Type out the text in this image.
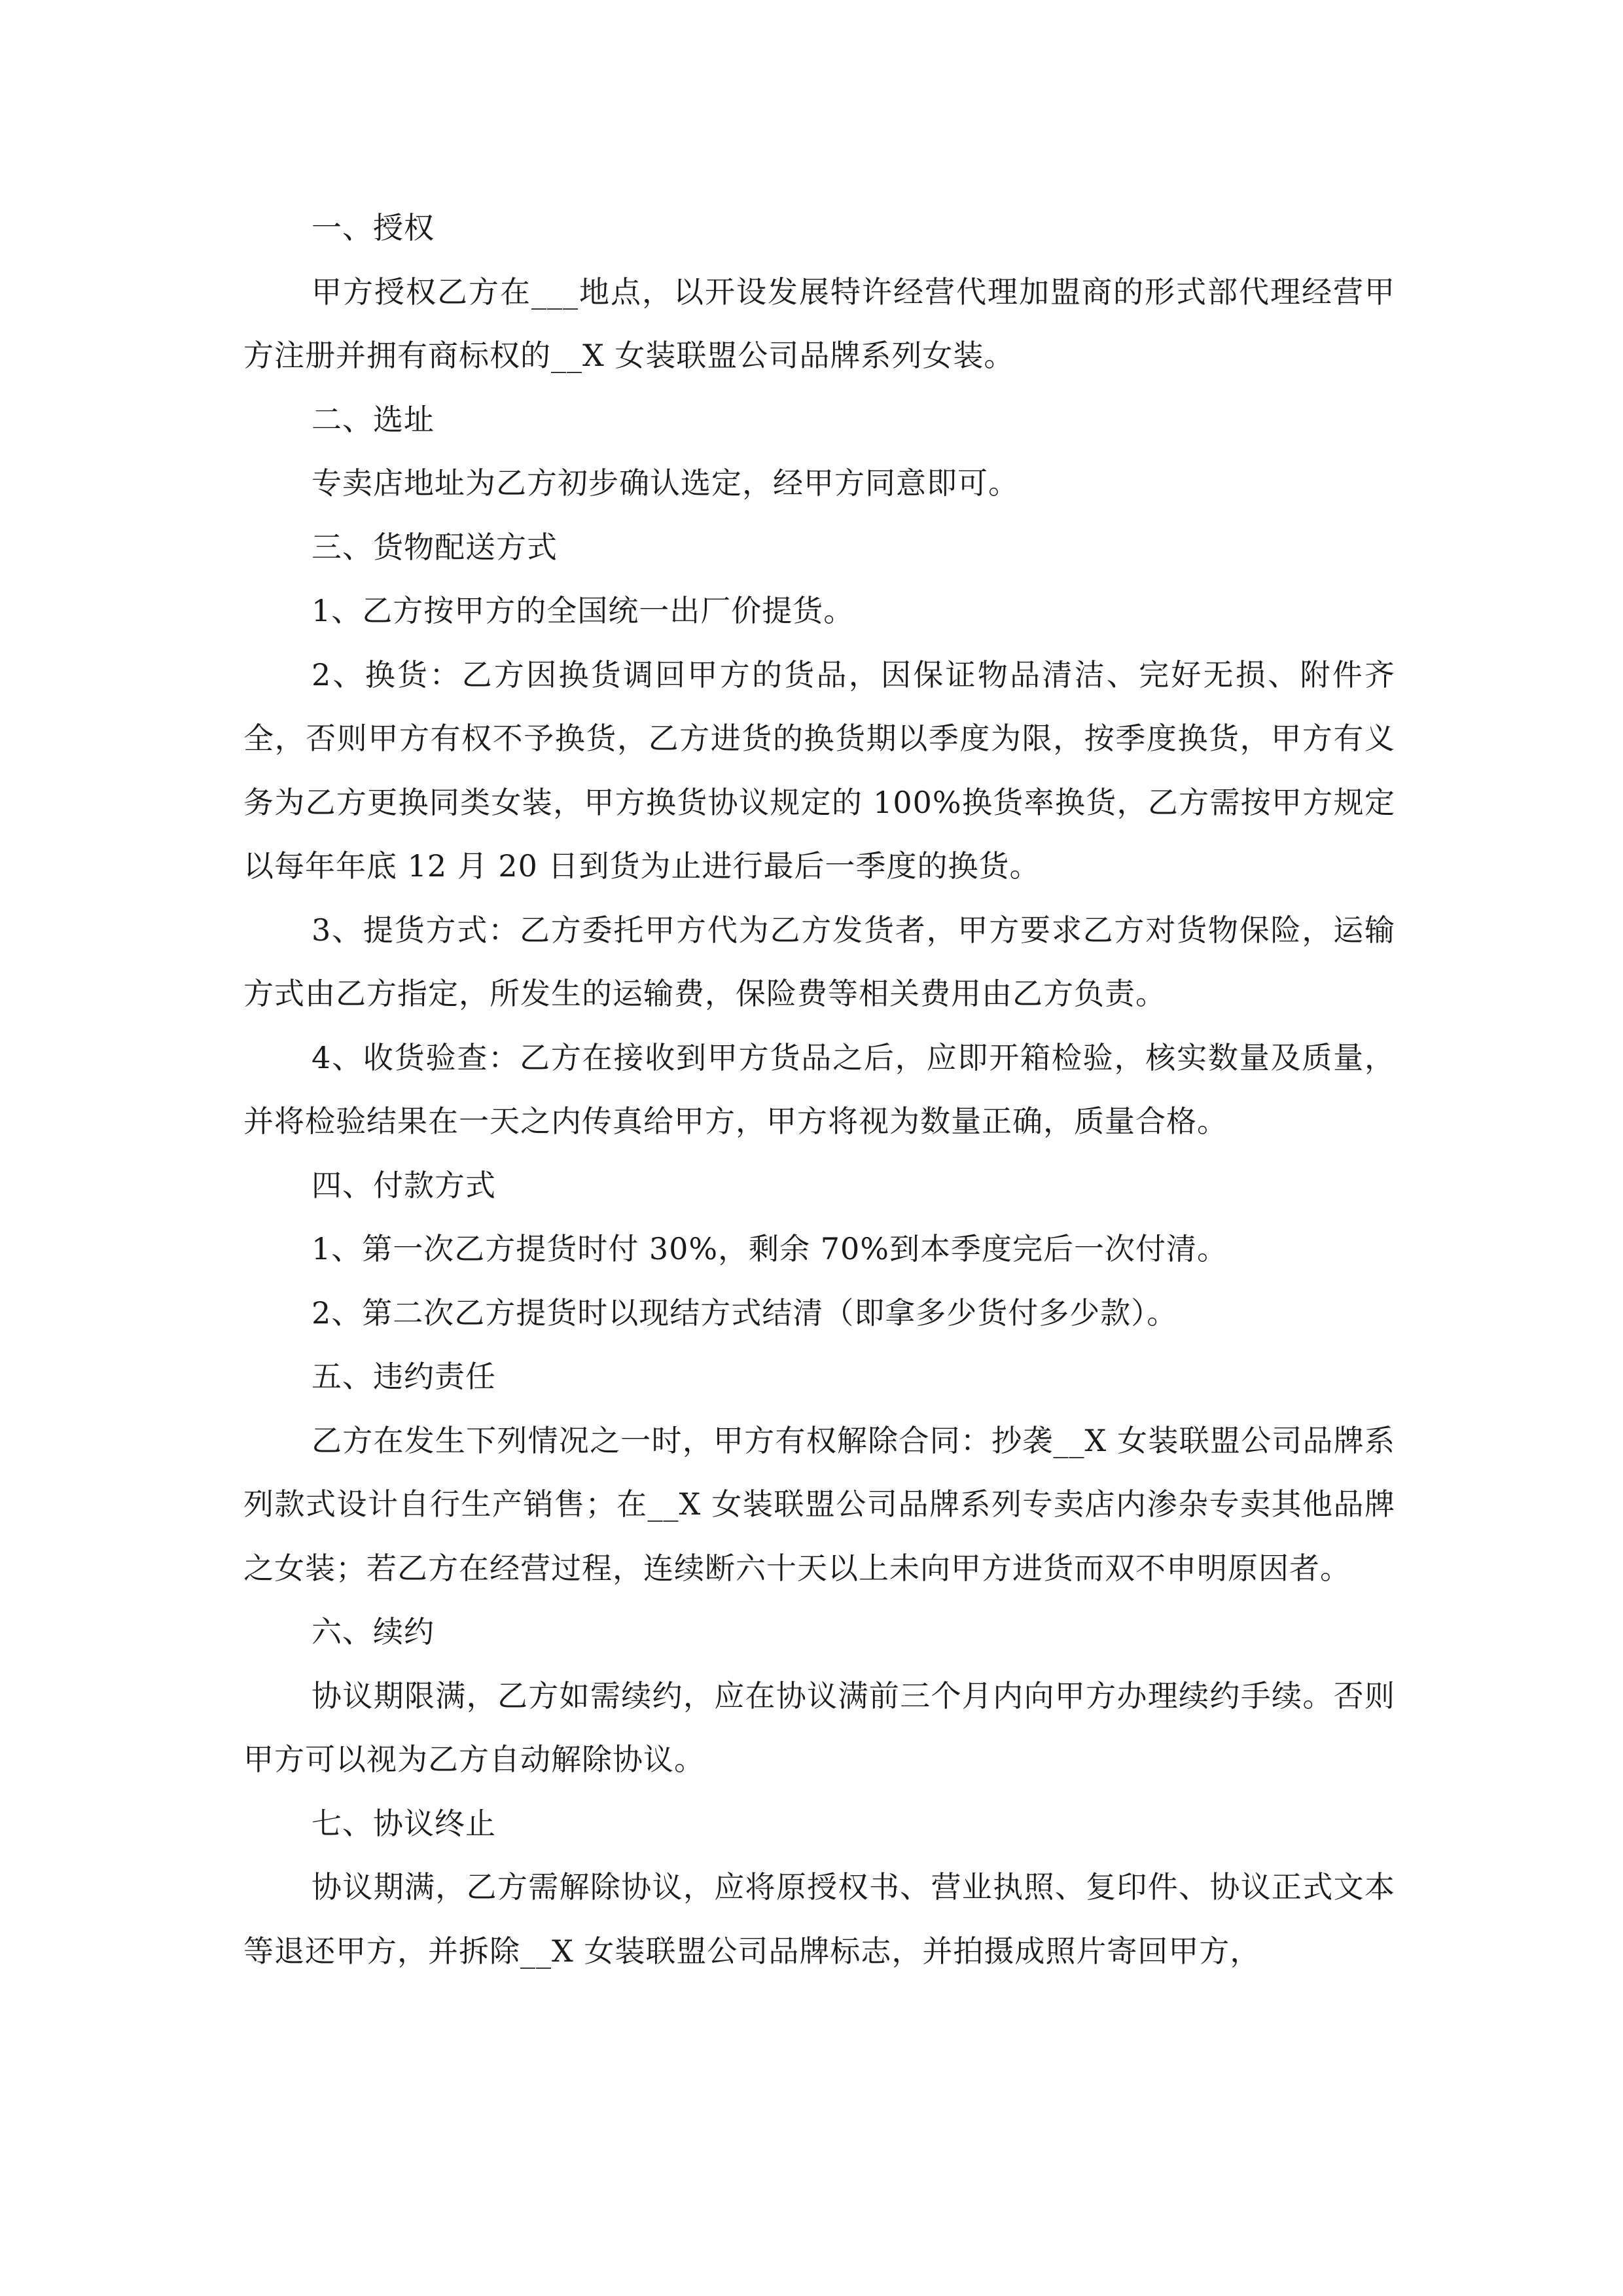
一、授权

甲方授权乙方在___地点，以开设发展特许经营代理加盟商的形式部代理经营甲方注册并拥有商标权的__X 女装联盟公司品牌系列女装。

二、选址

专卖店地址为乙方初步确认选定，经甲方同意即可。

三、货物配送方式

1、乙方按甲方的全国统一出厂价提货。

2、换货：乙方因换货调回甲方的货品，因保证物品清洁、完好无损、附件齐全，否则甲方有权不予换货，乙方进货的换货期以季度为限，按季度换货，甲方有义务为乙方更换同类女装，甲方换货协议规定的 100%换货率换货，乙方需按甲方规定以每年年底 12 月 20 日到货为止进行最后一季度的换货。

3、提货方式：乙方委托甲方代为乙方发货者，甲方要求乙方对货物保险，运输方式由乙方指定，所发生的运输费，保险费等相关费用由乙方负责。

4、收货验查：乙方在接收到甲方货品之后，应即开箱检验，核实数量及质量，并将检验结果在一天之内传真给甲方，甲方将视为数量正确，质量合格。

四、付款方式

1、第一次乙方提货时付 30%，剩余 70%到本季度完后一次付清。

2、第二次乙方提货时以现结方式结清（即拿多少货付多少款）。

五、违约责任

乙方在发生下列情况之一时，甲方有权解除合同：抄袭__X 女装联盟公司品牌系列款式设计自行生产销售；在__X 女装联盟公司品牌系列专卖店内渗杂专卖其他品牌之女装；若乙方在经营过程，连续断六十天以上未向甲方进货而双不申明原因者。

六、续约

协议期限满，乙方如需续约，应在协议满前三个月内向甲方办理续约手续。否则甲方可以视为乙方自动解除协议。

七、协议终止

协议期满，乙方需解除协议，应将原授权书、营业执照、复印件、协议正式文本等退还甲方，并拆除__X 女装联盟公司品牌标志，并拍摄成照片寄回甲方，
